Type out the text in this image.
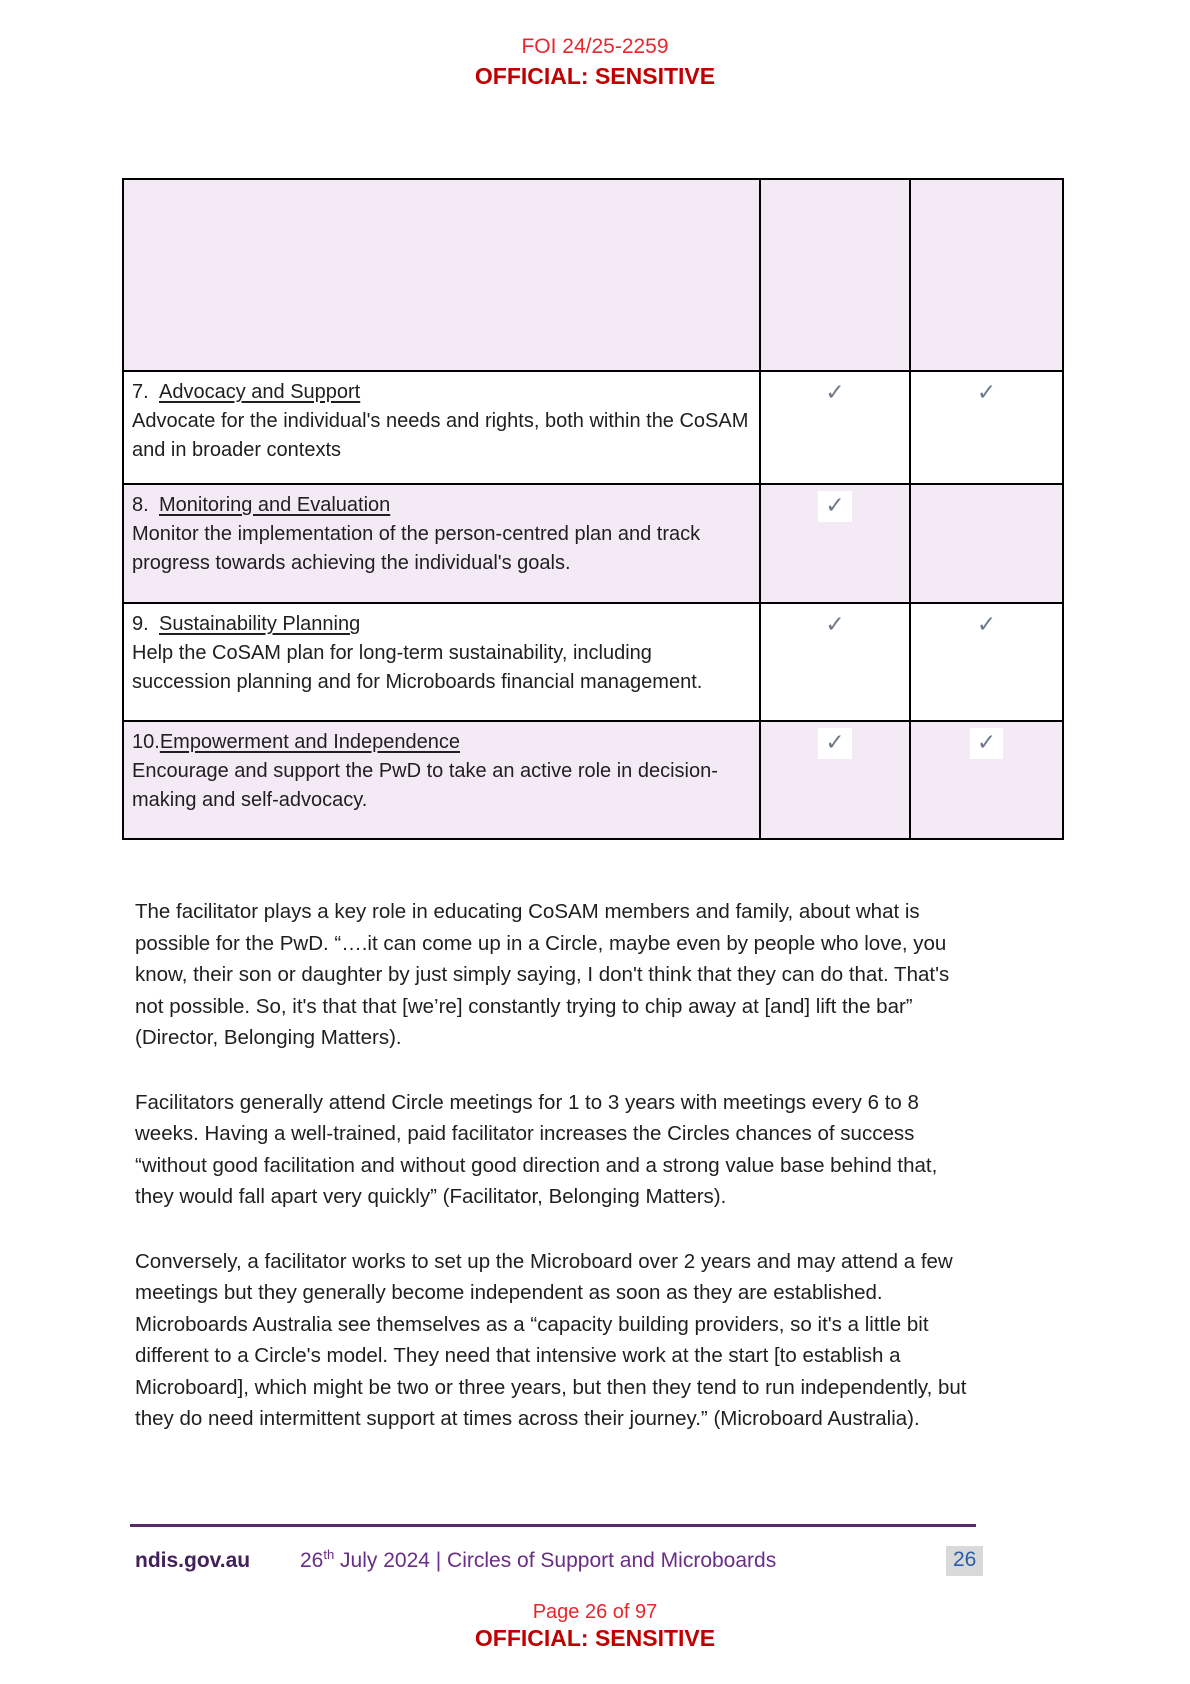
FOI 24/25-2259
OFFICIAL: SENSITIVE

7. Advocacy and Support
Advocate for the individual's needs and rights, both within the CoSAM and in broader contexts	✓	✓

8. Monitoring and Evaluation
Monitor the implementation of the person-centred plan and track progress towards achieving the individual's goals.	✓	

9. Sustainability Planning
Help the CoSAM plan for long-term sustainability, including succession planning and for Microboards financial management.	✓	✓

10.Empowerment and Independence
Encourage and support the PwD to take an active role in decision-making and self-advocacy.	✓	✓

The facilitator plays a key role in educating CoSAM members and family, about what is possible for the PwD. “….it can come up in a Circle, maybe even by people who love, you know, their son or daughter by just simply saying, I don't think that they can do that. That's not possible. So, it's that that [we’re] constantly trying to chip away at [and] lift the bar” (Director, Belonging Matters).

Facilitators generally attend Circle meetings for 1 to 3 years with meetings every 6 to 8 weeks. Having a well-trained, paid facilitator increases the Circles chances of success “without good facilitation and without good direction and a strong value base behind that, they would fall apart very quickly” (Facilitator, Belonging Matters).

Conversely, a facilitator works to set up the Microboard over 2 years and may attend a few meetings but they generally become independent as soon as they are established. Microboards Australia see themselves as a “capacity building providers, so it's a little bit different to a Circle's model. They need that intensive work at the start [to establish a Microboard], which might be two or three years, but then they tend to run independently, but they do need intermittent support at times across their journey.” (Microboard Australia).

ndis.gov.au 26th July 2024 | Circles of Support and Microboards	26
Page 26 of 97
OFFICIAL: SENSITIVE
